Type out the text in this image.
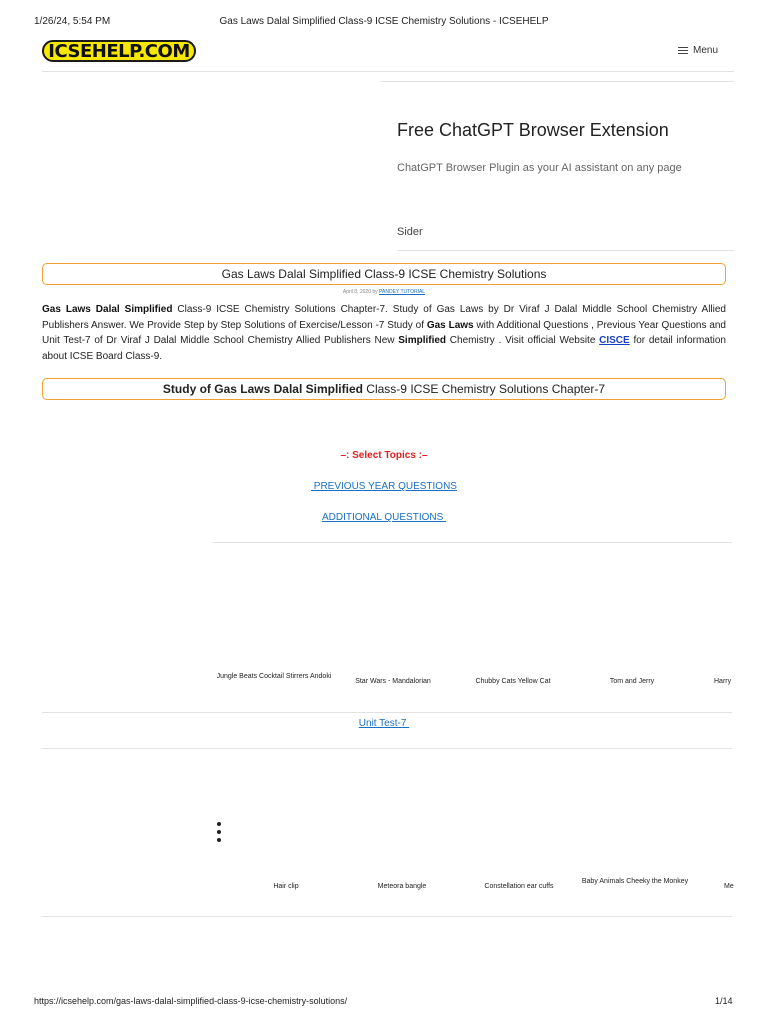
1/26/24, 5:54 PM	Gas Laws Dalal Simplified Class-9 ICSE Chemistry Solutions - ICSEHELP
ICSEHELP.COM	Menu
Free ChatGPT Browser Extension
ChatGPT Browser Plugin as your AI assistant on any page
Sider
Gas Laws Dalal Simplified Class-9 ICSE Chemistry Solutions
April 8, 2020 by PANDEY TUTORIAL

Gas Laws Dalal Simplified Class-9 ICSE Chemistry Solutions Chapter-7. Study of Gas Laws by Dr Viraf J Dalal Middle School Chemistry Allied Publishers Answer. We Provide Step by Step Solutions of Exercise/Lesson -7 Study of Gas Laws with Additional Questions , Previous Year Questions and Unit Test-7 of Dr Viraf J Dalal Middle School Chemistry Allied Publishers New Simplified Chemistry . Visit official Website CISCE for detail information about ICSE Board Class-9.

Study of Gas Laws Dalal Simplified Class-9 ICSE Chemistry Solutions Chapter-7
–: Select Topics :–
PREVIOUS YEAR QUESTIONS
ADDITIONAL QUESTIONS
Jungle Beats Cocktail Stirrers Andoki
Star Wars - Mandalorian	Chubby Cats Yellow Cat	Tom and Jerry	Harry
Unit Test-7
Hair clip	Meteora bangle	Constellation ear cuffs
Baby Animals Cheeky the Monkey
Me
https://icsehelp.com/gas-laws-dalal-simplified-class-9-icse-chemistry-solutions/	1/14
